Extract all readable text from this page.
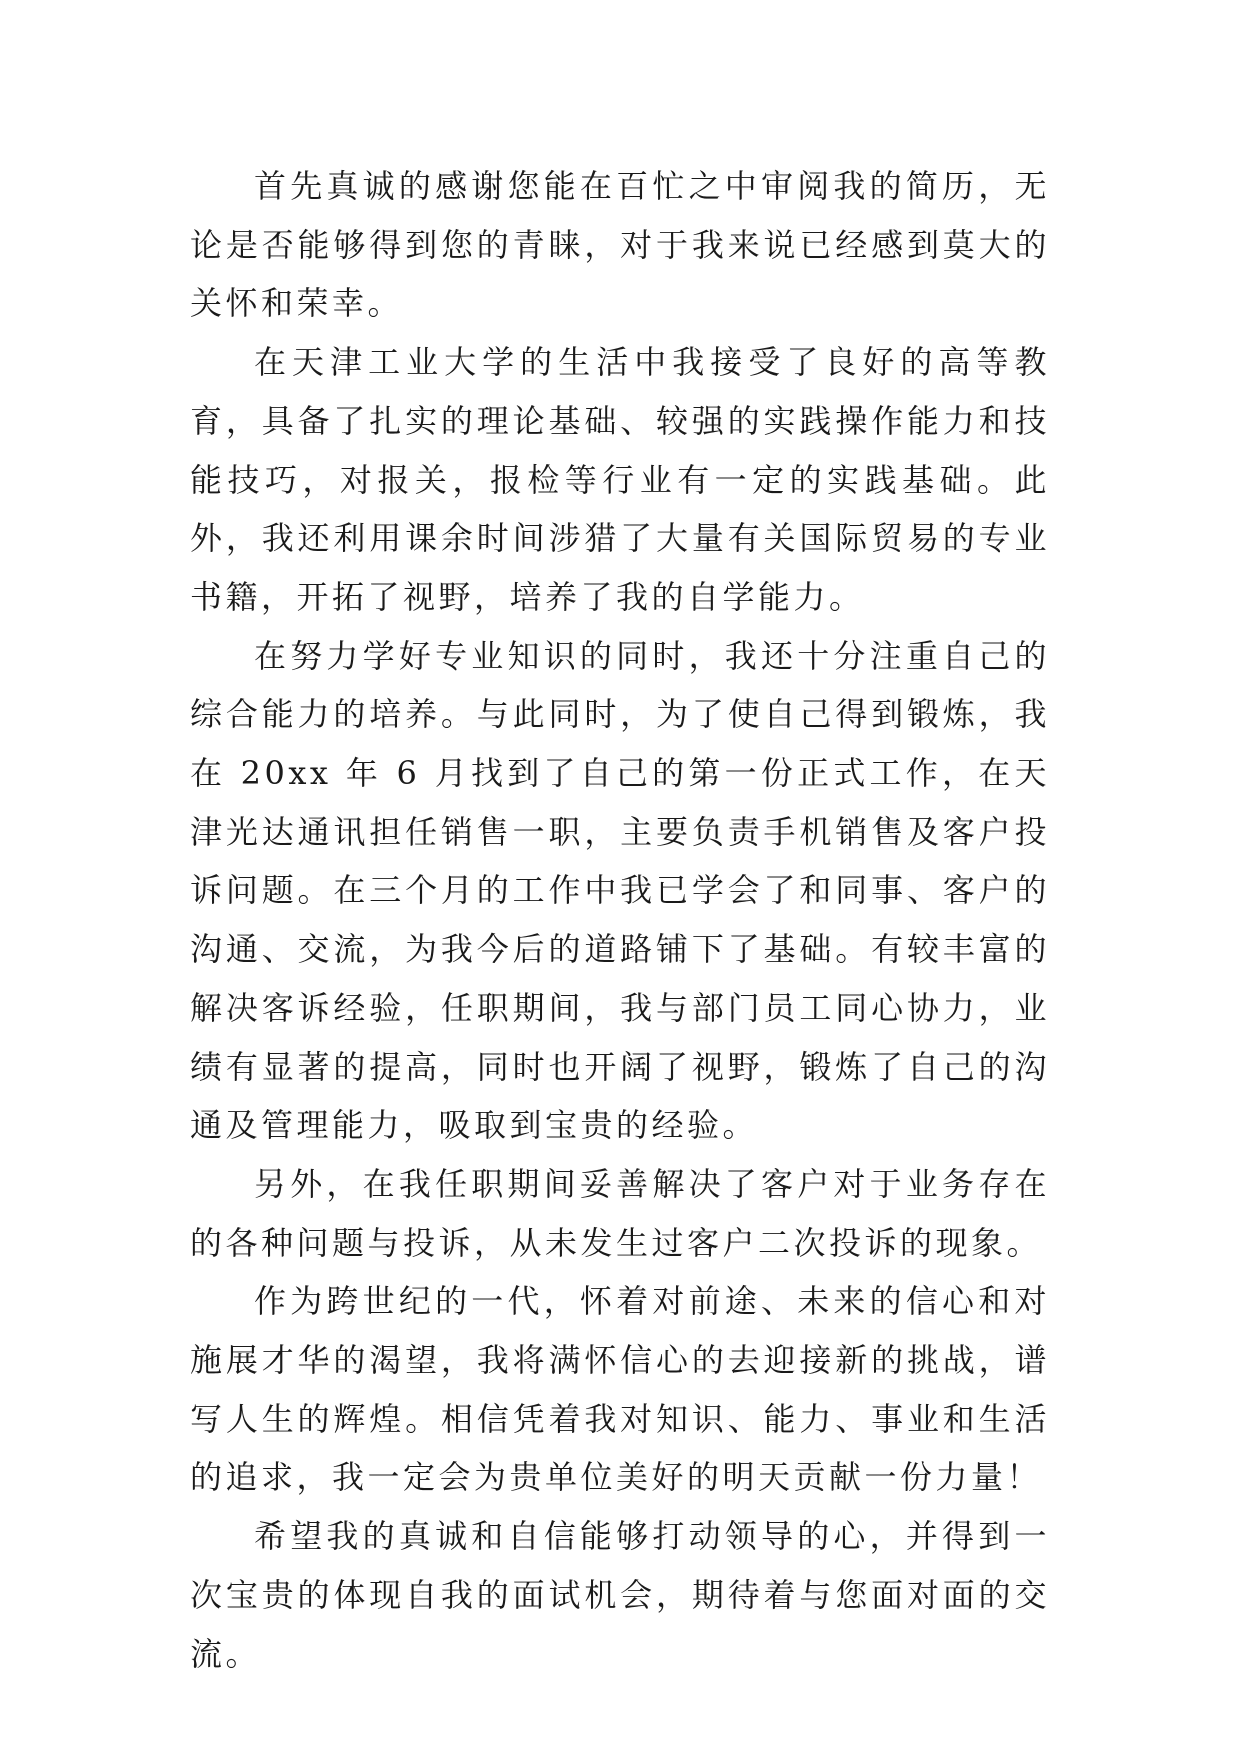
首先真诚的感谢您能在百忙之中审阅我的简历，无论是否能够得到您的青睐，对于我来说已经感到莫大的关怀和荣幸。

在天津工业大学的生活中我接受了良好的高等教育，具备了扎实的理论基础、较强的实践操作能力和技能技巧，对报关，报检等行业有一定的实践基础。此外，我还利用课余时间涉猎了大量有关国际贸易的专业书籍，开拓了视野，培养了我的自学能力。

在努力学好专业知识的同时，我还十分注重自己的综合能力的培养。与此同时，为了使自己得到锻炼，我在 20xx 年 6 月找到了自己的第一份正式工作，在天津光达通讯担任销售一职，主要负责手机销售及客户投诉问题。在三个月的工作中我已学会了和同事、客户的沟通、交流，为我今后的道路铺下了基础。有较丰富的解决客诉经验，任职期间，我与部门员工同心协力，业绩有显著的提高，同时也开阔了视野，锻炼了自己的沟通及管理能力，吸取到宝贵的经验。

另外，在我任职期间妥善解决了客户对于业务存在的各种问题与投诉，从未发生过客户二次投诉的现象。

作为跨世纪的一代，怀着对前途、未来的信心和对施展才华的渴望，我将满怀信心的去迎接新的挑战，谱写人生的辉煌。相信凭着我对知识、能力、事业和生活的追求，我一定会为贵单位美好的明天贡献一份力量！

希望我的真诚和自信能够打动领导的心，并得到一次宝贵的体现自我的面试机会，期待着与您面对面的交流。
